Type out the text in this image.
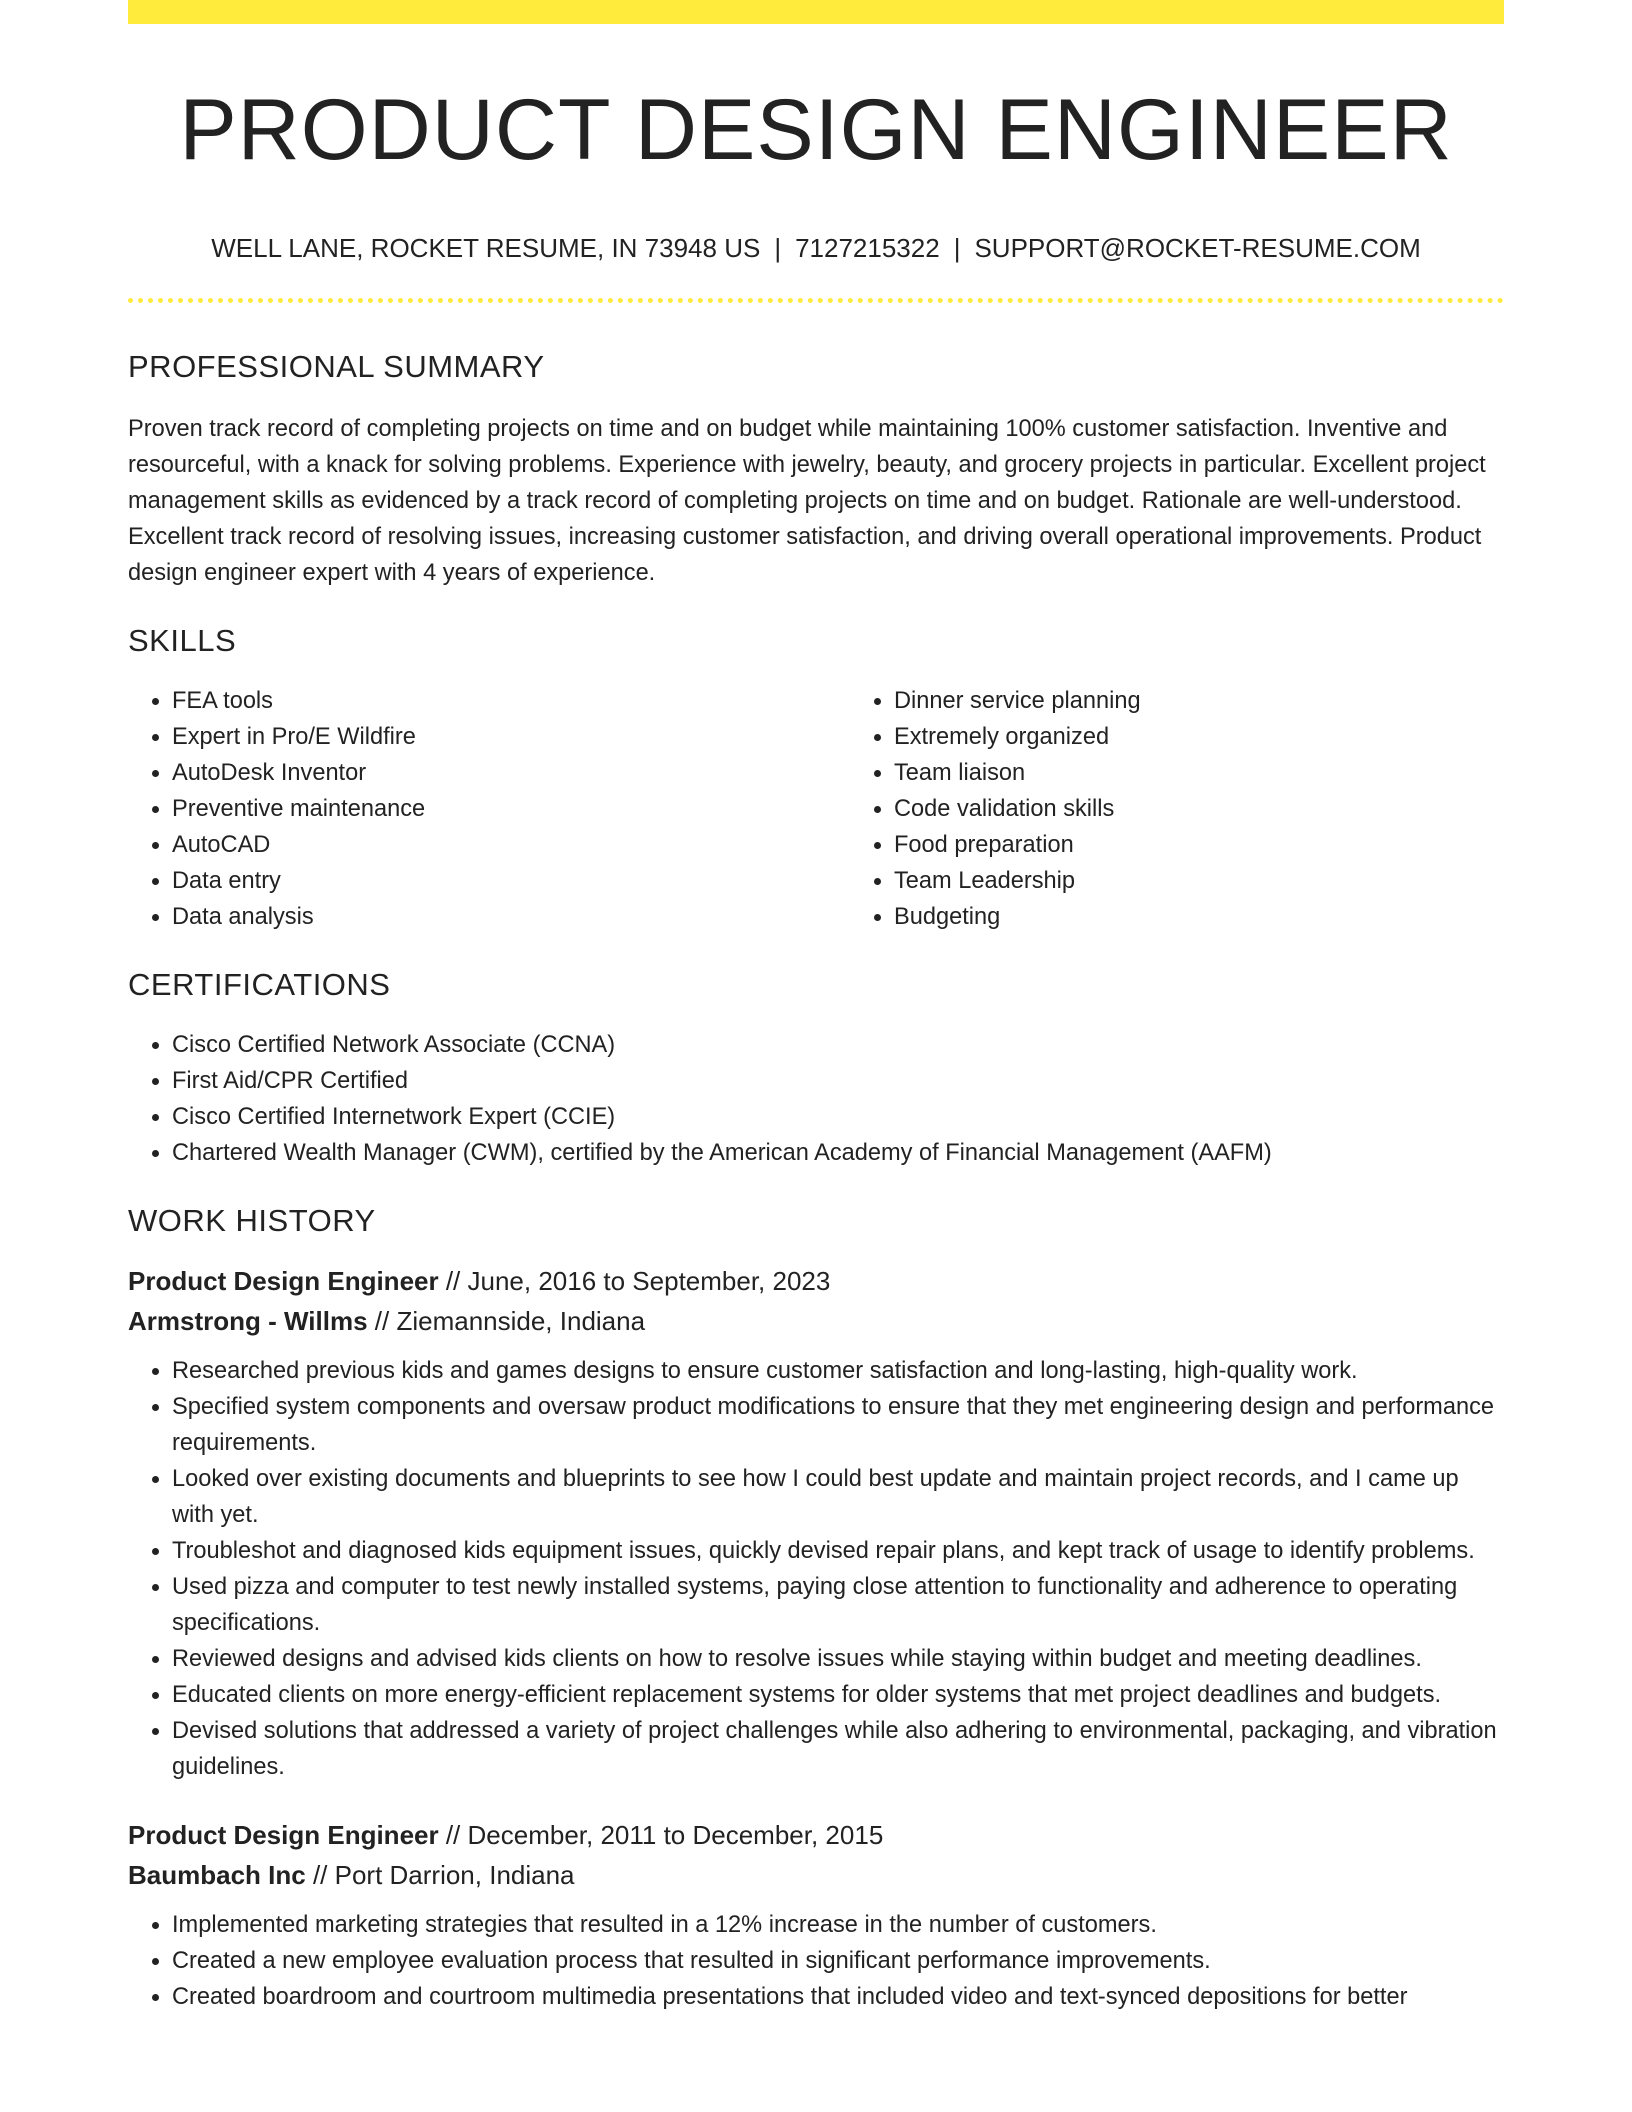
PRODUCT DESIGN ENGINEER
WELL LANE, ROCKET RESUME, IN 73948 US | 7127215322 | SUPPORT@ROCKET-RESUME.COM
PROFESSIONAL SUMMARY

Proven track record of completing projects on time and on budget while maintaining 100% customer satisfaction. Inventive and resourceful, with a knack for solving problems. Experience with jewelry, beauty, and grocery projects in particular. Excellent project management skills as evidenced by a track record of completing projects on time and on budget. Rationale are well-understood. Excellent track record of resolving issues, increasing customer satisfaction, and driving overall operational improvements. Product design engineer expert with 4 years of experience.

SKILLS
• FEA tools
• Expert in Pro/E Wildfire
• AutoDesk Inventor
• Preventive maintenance
• AutoCAD
• Data entry
• Data analysis
• Dinner service planning
• Extremely organized
• Team liaison
• Code validation skills
• Food preparation
• Team Leadership
• Budgeting
CERTIFICATIONS
• Cisco Certified Network Associate (CCNA)
• First Aid/CPR Certified
• Cisco Certified Internetwork Expert (CCIE)
• Chartered Wealth Manager (CWM), certified by the American Academy of Financial Management (AAFM)
WORK HISTORY
Product Design Engineer // June, 2016 to September, 2023
Armstrong - Willms // Ziemannside, Indiana
• Researched previous kids and games designs to ensure customer satisfaction and long-lasting, high-quality work.
• Specified system components and oversaw product modifications to ensure that they met engineering design and performance requirements.
• Looked over existing documents and blueprints to see how I could best update and maintain project records, and I came up with yet.
• Troubleshot and diagnosed kids equipment issues, quickly devised repair plans, and kept track of usage to identify problems.
• Used pizza and computer to test newly installed systems, paying close attention to functionality and adherence to operating specifications.
• Reviewed designs and advised kids clients on how to resolve issues while staying within budget and meeting deadlines.
• Educated clients on more energy-efficient replacement systems for older systems that met project deadlines and budgets.
• Devised solutions that addressed a variety of project challenges while also adhering to environmental, packaging, and vibration guidelines.
Product Design Engineer // December, 2011 to December, 2015
Baumbach Inc // Port Darrion, Indiana
• Implemented marketing strategies that resulted in a 12% increase in the number of customers.
• Created a new employee evaluation process that resulted in significant performance improvements.
• Created boardroom and courtroom multimedia presentations that included video and text-synced depositions for better
